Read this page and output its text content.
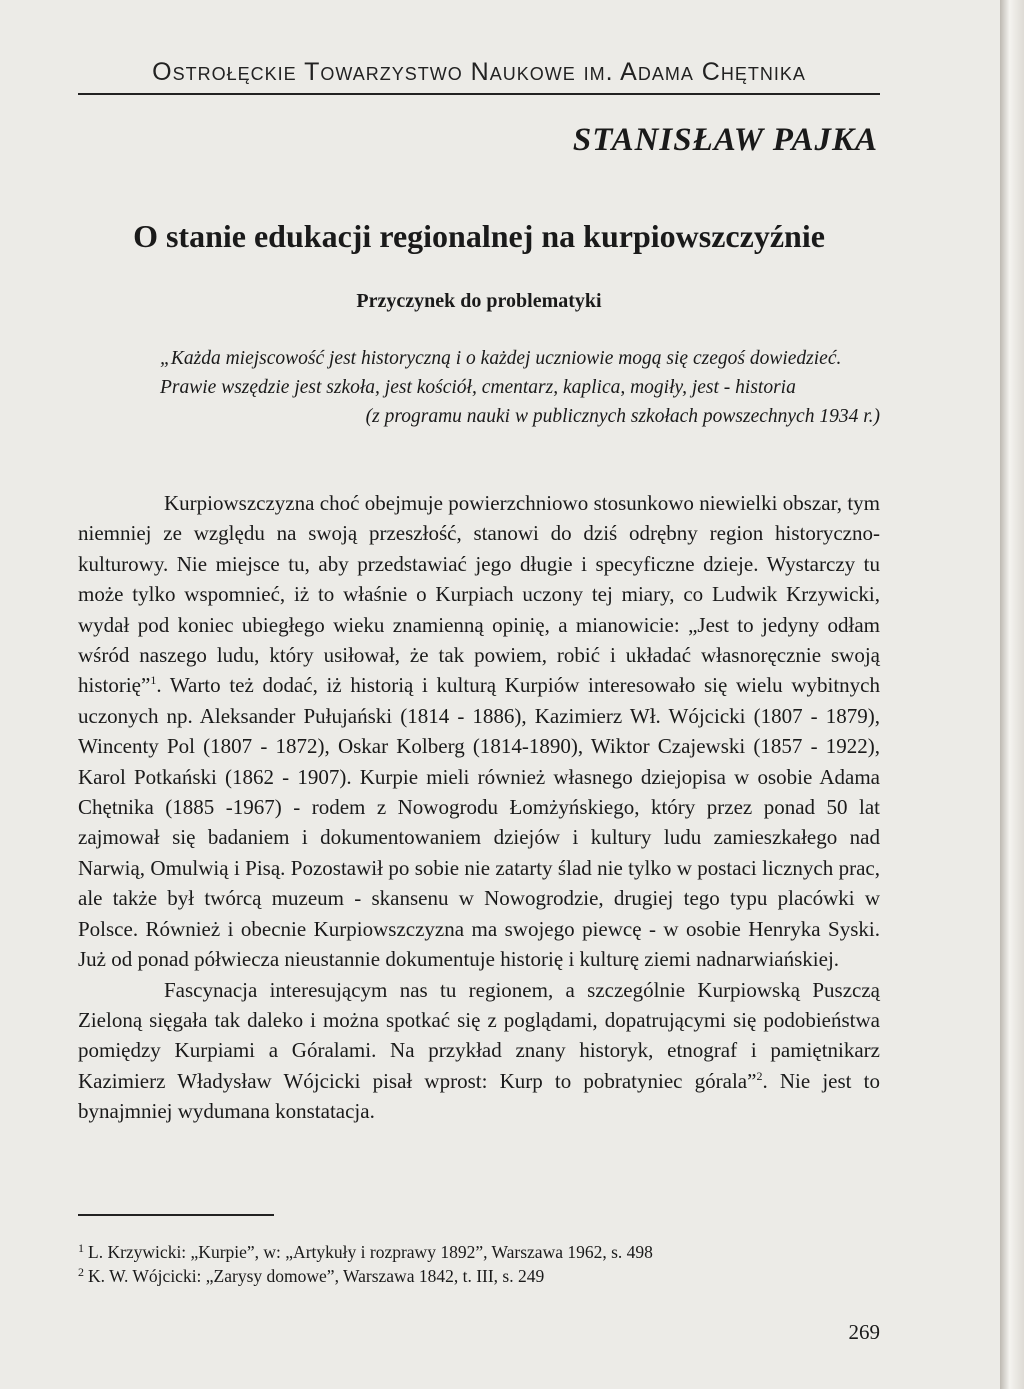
Ostrołęckie Towarzystwo Naukowe im. Adama Chętnika
STANISŁAW PAJKA
O stanie edukacji regionalnej na kurpiowszczyźnie
Przyczynek do problematyki
„Każda miejscowość jest historyczną i o każdej uczniowie mogą się czegoś dowiedzieć. Prawie wszędzie jest szkoła, jest kościół, cmentarz, kaplica, mogiły, jest - historia
(z programu nauki w publicznych szkołach powszechnych 1934 r.)

Kurpiowszczyzna choć obejmuje powierzchniowo stosunkowo niewielki obszar, tym niemniej ze względu na swoją przeszłość, stanowi do dziś odrębny region historyczno-kulturowy. Nie miejsce tu, aby przedstawiać jego długie i specyficzne dzieje. Wystarczy tu może tylko wspomnieć, iż to właśnie o Kurpiach uczony tej miary, co Ludwik Krzywicki, wydał pod koniec ubiegłego wieku znamienną opinię, a mianowicie: „Jest to jedyny odłam wśród naszego ludu, który usiłował, że tak powiem, robić i układać własnoręcznie swoją historię”$^1$. Warto też dodać, iż historią i kulturą Kurpiów interesowało się wielu wybitnych uczonych np. Aleksander Pułujański (1814 - 1886), Kazimierz Wł. Wójcicki (1807 - 1879), Wincenty Pol (1807 - 1872), Oskar Kolberg (1814-1890), Wiktor Czajewski (1857 - 1922), Karol Potkański (1862 - 1907). Kurpie mieli również własnego dziejopisa w osobie Adama Chętnika (1885 -1967) - rodem z Nowogrodu Łomżyńskiego, który przez ponad 50 lat zajmował się badaniem i dokumentowaniem dziejów i kultury ludu zamieszkałego nad Narwią, Omulwią i Pisą. Pozostawił po sobie nie zatarty ślad nie tylko w postaci licznych prac, ale także był twórcą muzeum - skansenu w Nowogrodzie, drugiej tego typu placówki w Polsce. Również i obecnie Kurpiowszczyzna ma swojego piewcę - w osobie Henryka Syski. Już od ponad półwiecza nieustannie dokumentuje historię i kulturę ziemi nadnarwiańskiej.

Fascynacja interesującym nas tu regionem, a szczególnie Kurpiowską Puszczą Zieloną sięgała tak daleko i można spotkać się z poglądami, dopatrującymi się podobieństwa pomiędzy Kurpiami a Góralami. Na przykład znany historyk, etnograf i pamiętnikarz Kazimierz Władysław Wójcicki pisał wprost: Kurp to pobratyniec górala”$^2$. Nie jest to bynajmniej wydumana konstatacja.

1 L. Krzywicki: „Kurpie”, w: „Artykuły i rozprawy 1892”, Warszawa 1962, s. 498
2 K. W. Wójcicki: „Zarysy domowe”, Warszawa 1842, t. III, s. 249
269
